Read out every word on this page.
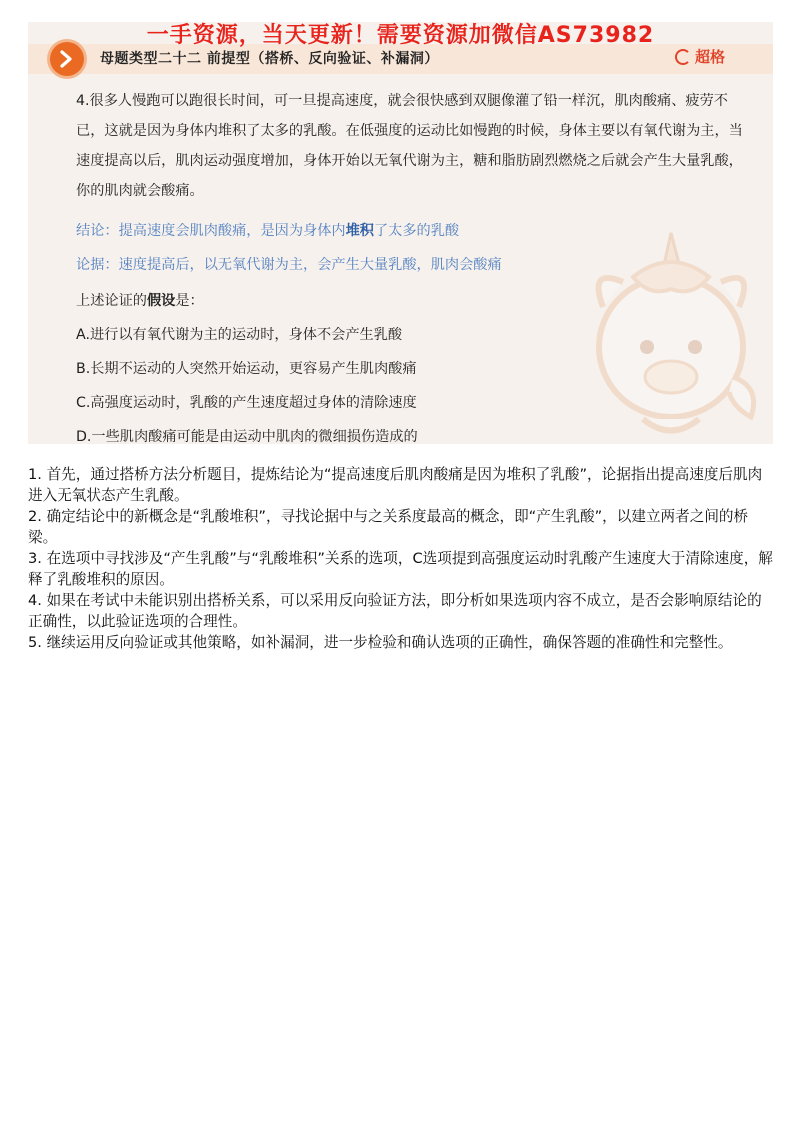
一手资源，当天更新！需要资源加微信AS73982
母题类型二十二 前提型（搭桥、反向验证、补漏洞）	超格

4.很多人慢跑可以跑很长时间，可一旦提高速度，就会很快感到双腿像灌了铅一样沉，肌肉酸痛、疲劳不已，这就是因为身体内堆积了太多的乳酸。在低强度的运动比如慢跑的时候，身体主要以有氧代谢为主，当速度提高以后，肌肉运动强度增加，身体开始以无氧代谢为主，糖和脂肪剧烈燃烧之后就会产生大量乳酸，你的肌肉就会酸痛。

结论：提高速度会肌肉酸痛，是因为身体内堆积了太多的乳酸

论据：速度提高后，以无氧代谢为主，会产生大量乳酸，肌肉会酸痛

上述论证的假设是：

A.进行以有氧代谢为主的运动时，身体不会产生乳酸
B.长期不运动的人突然开始运动，更容易产生肌肉酸痛
C.高强度运动时，乳酸的产生速度超过身体的清除速度
D.一些肌肉酸痛可能是由运动中肌肉的微细损伤造成的
1. 首先，通过搭桥方法分析题目，提炼结论为“提高速度后肌肉酸痛是因为堆积了乳酸”，论据指出提高速度后肌肉进入无氧状态产生乳酸。
2. 确定结论中的新概念是“乳酸堆积”，寻找论据中与之关系度最高的概念，即“产生乳酸”，以建立两者之间的桥梁。
3. 在选项中寻找涉及“产生乳酸”与“乳酸堆积”关系的选项，C选项提到高强度运动时乳酸产生速度大于清除速度，解释了乳酸堆积的原因。
4. 如果在考试中未能识别出搭桥关系，可以采用反向验证方法，即分析如果选项内容不成立，是否会影响原结论的正确性，以此验证选项的合理性。
5. 继续运用反向验证或其他策略，如补漏洞，进一步检验和确认选项的正确性，确保答题的准确性和完整性。
